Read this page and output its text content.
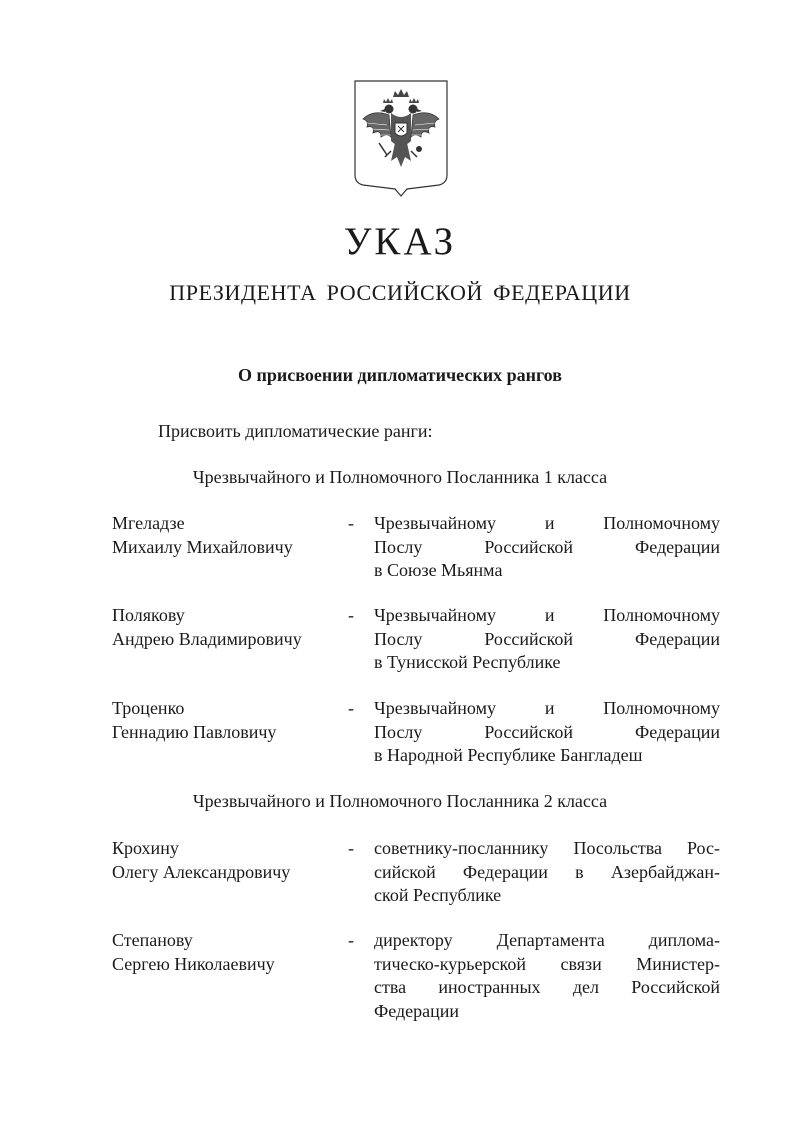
УКАЗ
ПРЕЗИДЕНТА РОССИЙСКОЙ ФЕДЕРАЦИИ
О присвоении дипломатических рангов
Присвоить дипломатические ранги:
Чрезвычайного и Полномочного Посланника 1 класса
Мгеладзе
Михаилу Михайловичу
-	Чрезвычайному и Полномочному
Послу Российской Федерации
в Союзе Мьянма
Полякову
Андрею Владимировичу
-	Чрезвычайному и Полномочному
Послу Российской Федерации
в Тунисской Республике
Троценко
Геннадию Павловичу
-	Чрезвычайному и Полномочному
Послу Российской Федерации
в Народной Республике Бангладеш
Чрезвычайного и Полномочного Посланника 2 класса
Крохину
Олегу Александровичу
-	советнику-посланнику Посольства Рос-
сийской Федерации в Азербайджан-
ской Республике
Степанову
Сергею Николаевичу
-	директору Департамента диплома-
тическо-курьерской связи Министер-
ства иностранных дел Российской
Федерации
